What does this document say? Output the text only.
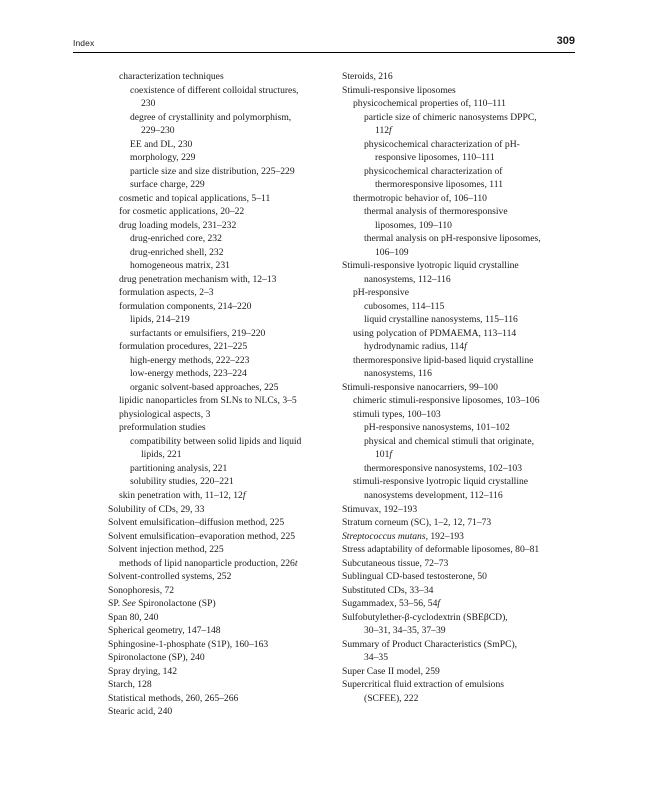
Index	309
characterization techniques
coexistence of different colloidal structures,
230
degree of crystallinity and polymorphism,
229–230
EE and DL, 230
morphology, 229
particle size and size distribution, 225–229
surface charge, 229
cosmetic and topical applications, 5–11
for cosmetic applications, 20–22
drug loading models, 231–232
drug-enriched core, 232
drug-enriched shell, 232
homogeneous matrix, 231
drug penetration mechanism with, 12–13
formulation aspects, 2–3
formulation components, 214–220
lipids, 214–219
surfactants or emulsifiers, 219–220
formulation procedures, 221–225
high-energy methods, 222–223
low-energy methods, 223–224
organic solvent-based approaches, 225
lipidic nanoparticles from SLNs to NLCs, 3–5
physiological aspects, 3
preformulation studies
compatibility between solid lipids and liquid
lipids, 221
partitioning analysis, 221
solubility studies, 220–221
skin penetration with, 11–12, 12f
Solubility of CDs, 29, 33
Solvent emulsification–diffusion method, 225
Solvent emulsification–evaporation method, 225
Solvent injection method, 225
methods of lipid nanoparticle production, 226t
Solvent-controlled systems, 252
Sonophoresis, 72
SP. See Spironolactone (SP)
Span 80, 240
Spherical geometry, 147–148
Sphingosine-1-phosphate (S1P), 160–163
Spironolactone (SP), 240
Spray drying, 142
Starch, 128
Statistical methods, 260, 265–266
Stearic acid, 240
Steroids, 216
Stimuli-responsive liposomes
physicochemical properties of, 110–111
particle size of chimeric nanosystems DPPC,
112f
physicochemical characterization of pH-
responsive liposomes, 110–111
physicochemical characterization of
thermoresponsive liposomes, 111
thermotropic behavior of, 106–110
thermal analysis of thermoresponsive
liposomes, 109–110
thermal analysis on pH-responsive liposomes,
106–109
Stimuli-responsive lyotropic liquid crystalline
nanosystems, 112–116
pH-responsive
cubosomes, 114–115
liquid crystalline nanosystems, 115–116
using polycation of PDMAEMA, 113–114
hydrodynamic radius, 114f
thermoresponsive lipid-based liquid crystalline
nanosystems, 116
Stimuli-responsive nanocarriers, 99–100
chimeric stimuli-responsive liposomes, 103–106
stimuli types, 100–103
pH-responsive nanosystems, 101–102
physical and chemical stimuli that originate,
101f
thermoresponsive nanosystems, 102–103
stimuli-responsive lyotropic liquid crystalline
nanosystems development, 112–116
Stimuvax, 192–193
Stratum corneum (SC), 1–2, 12, 71–73
Streptococcus mutans, 192–193
Stress adaptability of deformable liposomes, 80–81
Subcutaneous tissue, 72–73
Sublingual CD-based testosterone, 50
Substituted CDs, 33–34
Sugammadex, 53–56, 54f
Sulfobutylether-β-cyclodextrin (SBEβCD),
30–31, 34–35, 37–39
Summary of Product Characteristics (SmPC),
34–35
Super Case II model, 259
Supercritical fluid extraction of emulsions
(SCFEE), 222
